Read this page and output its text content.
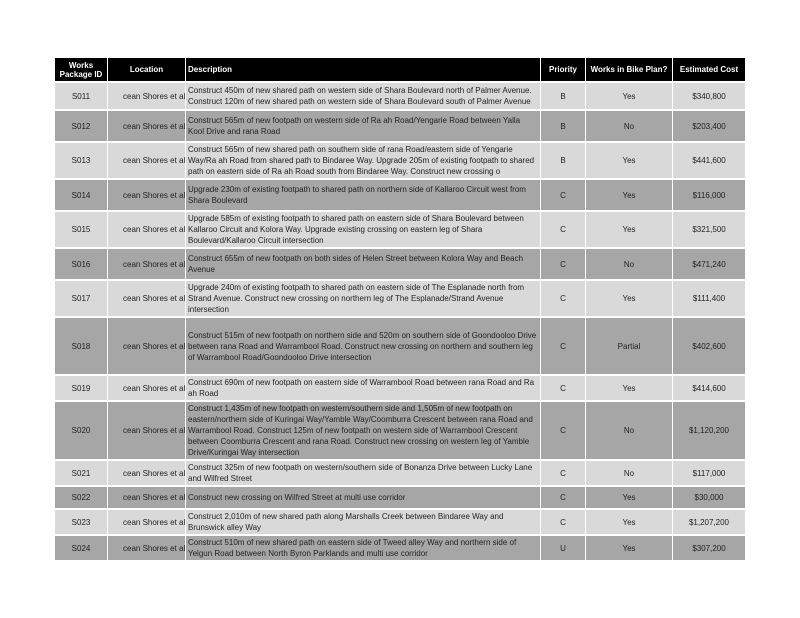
Works Package ID	Location	Description	Priority	Works in Bike Plan?	Estimated Cost
S011	cean Shores et al	Construct 450m of new shared path on western side of Shara Boulevard north of Palmer Avenue. Construct 120m of new shared path on western side of Shara Boulevard south of Palmer Avenue	B	Yes	$340,800
S012	cean Shores et al	Construct 565m of new footpath on western side of Ra ah Road/Yengarie Road between Yalla Kool Drive and rana Road	B	No	$203,400
S013	cean Shores et al	Construct 565m of new shared path on southern side of rana Road/eastern side of Yengarie Way/Ra ah Road from shared path to Bindaree Way. Upgrade 205m of existing footpath to shared path on eastern side of Ra ah Road south from Bindaree Way. Construct new crossing o	B	Yes	$441,600
S014	cean Shores et al	Upgrade 230m of existing footpath to shared path on northern side of Kallaroo Circuit west from Shara Boulevard	C	Yes	$116,000
S015	cean Shores et al	Upgrade 585m of existing footpath to shared path on eastern side of Shara Boulevard between Kallaroo Circuit and Kolora Way. Upgrade existing crossing on eastern leg of Shara Boulevard/Kallaroo Circuit intersection	C	Yes	$321,500
S016	cean Shores et al	Construct 655m of new footpath on both sides of Helen Street between Kolora Way and Beach Avenue	C	No	$471,240
S017	cean Shores et al	Upgrade 240m of existing footpath to shared path on eastern side of The Esplanade north from Strand Avenue. Construct new crossing on northern leg of The Esplanade/Strand Avenue intersection	C	Yes	$111,400
S018	cean Shores et al	Construct 515m of new footpath on northern side and 520m on southern side of Goondooloo Drive between rana Road and Warrambool Road. Construct new crossing on northern and southern leg of Warrambool Road/Goondooloo Drive intersection	C	Partial	$402,600
S019	cean Shores et al	Construct 690m of new footpath on eastern side of Warrambool Road between rana Road and Ra ah Road	C	Yes	$414,600
S020	cean Shores et al	Construct 1,435m of new footpath on western/southern side and 1,505m of new footpath on eastern/northern side of Kuringai Way/Yamble Way/Coomburra Crescent between rana Road and Warrambool Road. Construct 125m of new footpath on western side of Warrambool Crescent between Coomburra Crescent and rana Road. Construct new crossing on western leg of Yamble Drive/Kuringai Way intersection	C	No	$1,120,200
S021	cean Shores et al	Construct 325m of new footpath on western/southern side of Bonanza Drive between Lucky Lane and Wilfred Street	C	No	$117,000
S022	cean Shores et al	Construct new crossing on Wilfred Street at multi use corridor	C	Yes	$30,000
S023	cean Shores et al	Construct 2,010m of new shared path along Marshalls Creek between Bindaree Way and Brunswick alley Way	C	Yes	$1,207,200
S024	cean Shores et al	Construct 510m of new shared path on eastern side of Tweed alley Way and northern side of Yelgun Road between North Byron Parklands and multi use corridor	U	Yes	$307,200
